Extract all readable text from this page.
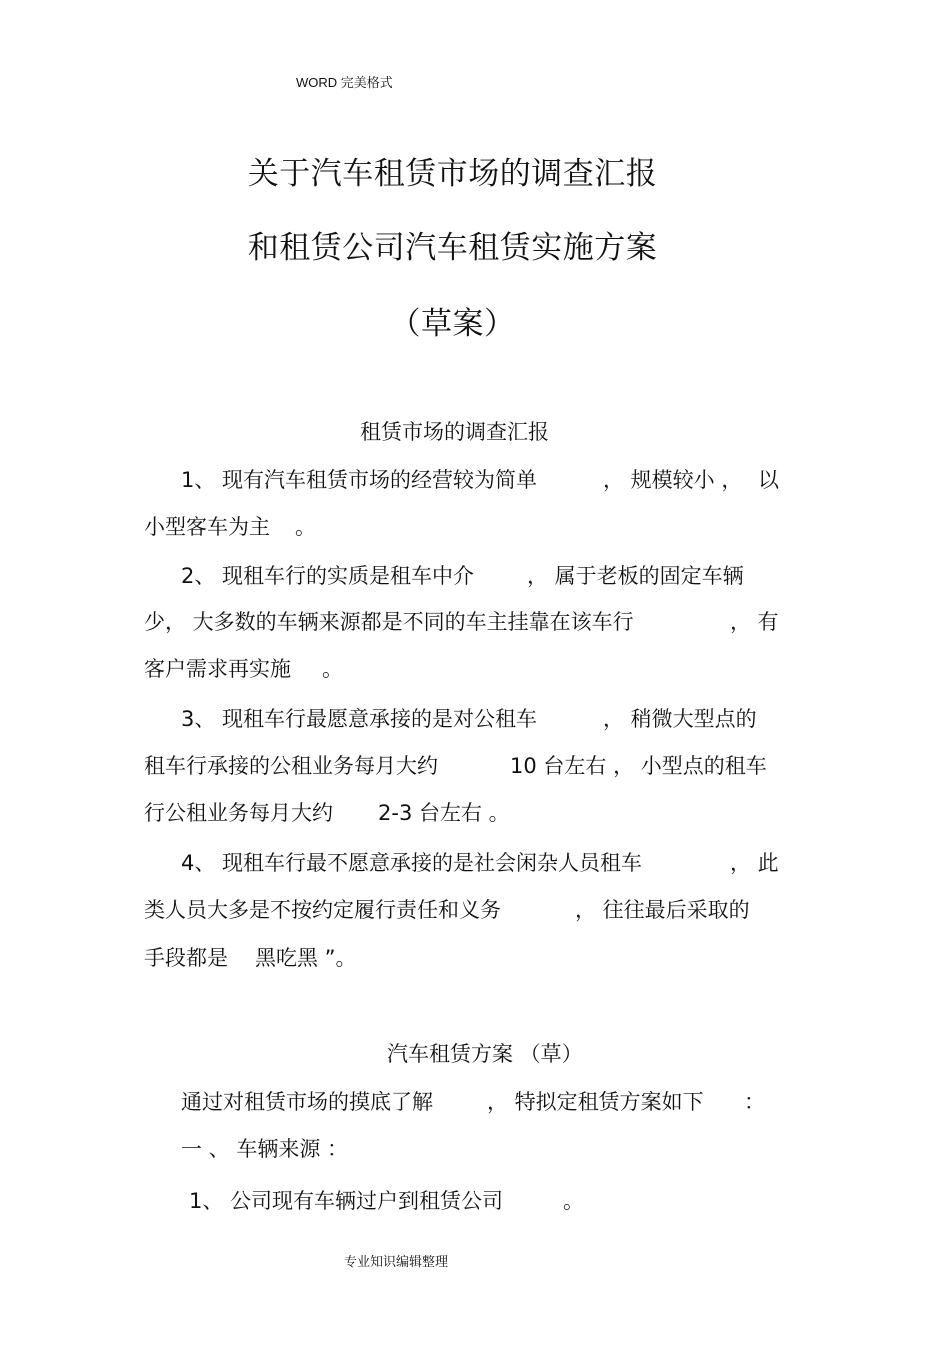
WORD 完美格式
关于汽车租赁市场的调查汇报
和租赁公司汽车租赁实施方案
（草案）
租赁市场的调查汇报
1、 现有汽车租赁市场的经营较为简单	， 规模较小 ， 以
小型客车为主 。
2、 现租车行的实质是租车中介	， 属于老板的固定车辆
少， 大多数的车辆来源都是不同的车主挂靠在该车行	， 有
客户需求再实施 。
3、 现租车行最愿意承接的是对公租车	， 稍微大型点的
租车行承接的公租业务每月大约	10 台左右 ， 小型点的租车
行公租业务每月大约 2-3 台左右 。
4、 现租车行最不愿意承接的是社会闲杂人员租车	， 此
类人员大多是不按约定履行责任和义务	， 往往最后采取的
手段都是 黑吃黑 ”。
汽车租赁方案 （草）
通过对租赁市场的摸底了解	， 特拟定租赁方案如下 ：
一 、 车辆来源 ：
1、 公司现有车辆过户到租赁公司	。
专业知识编辑整理
